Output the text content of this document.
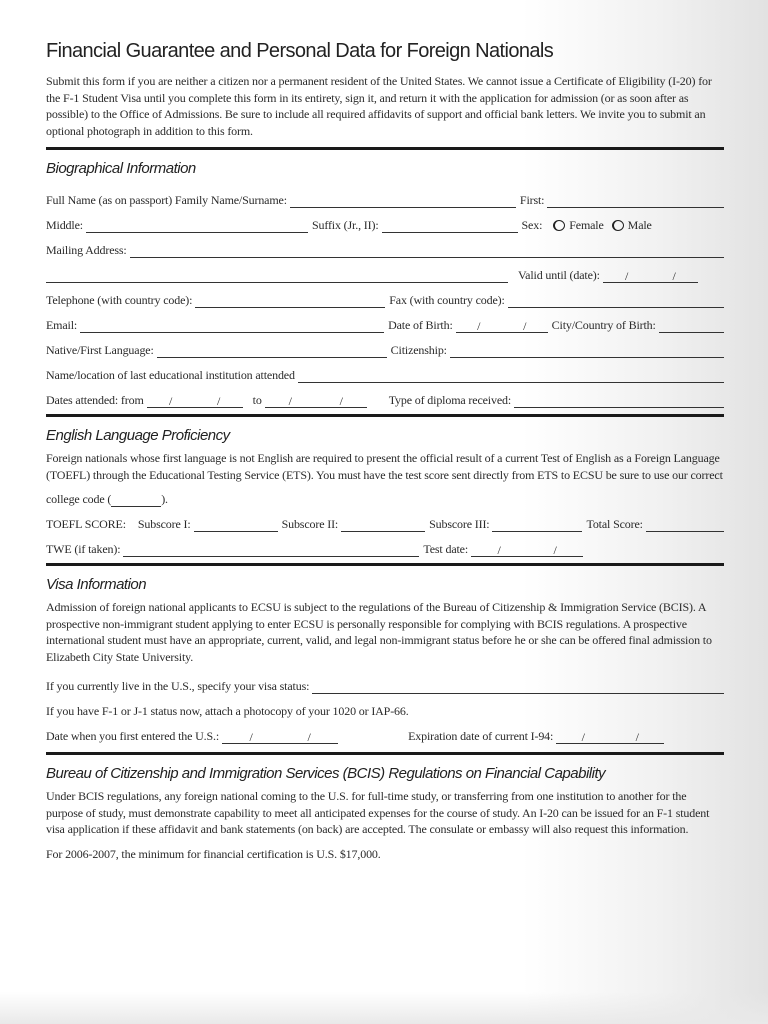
Financial Guarantee and Personal Data for Foreign Nationals

Submit this form if you are neither a citizen nor a permanent resident of the United States. We cannot issue a Certificate of Eligibility (I-20) for the F-1 Student Visa until you complete this form in its entirety, sign it, and return it with the application for admission (or as soon after as possible) to the Office of Admissions. Be sure to include all required affidavits of support and official bank letters. We invite you to submit an optional photograph in addition to this form.

Biographical Information
Full Name (as on passport) Family Name/Surname:	First:
Middle:	Suffix (Jr., II):	Sex: Female Male
Mailing Address:
Valid until (date): /	/
Telephone (with country code):	Fax (with country code):
Email:	Date of Birth: /	/ City/Country of Birth:
Native/First Language:	Citizenship:
Name/location of last educational institution attended
Dates attended: from /	/	to /	/	Type of diploma received:
English Language Proficiency

Foreign nationals whose first language is not English are required to present the official result of a current Test of English as a Foreign Language (TOEFL) through the Educational Testing Service (ETS). You must have the test score sent directly from ETS to ECSU be sure to use our correct

college code (	).
TOEFL SCORE: Subscore I:	Subscore II:	Subscore III:	Total Score:
TWE (if taken):	Test date: /	/
Visa Information

Admission of foreign national applicants to ECSU is subject to the regulations of the Bureau of Citizenship & Immigration Service (BCIS). A prospective non-immigrant student applying to enter ECSU is personally responsible for complying with BCIS regulations. A prospective international student must have an appropriate, current, valid, and legal non-immigrant status before he or she can be offered final admission to Elizabeth City State University.

If you currently live in the U.S., specify your visa status:
If you have F-1 or J-1 status now, attach a photocopy of your 1020 or IAP-66.
Date when you first entered the U.S.:	/	/	Expiration date of current I-94: /	/
Bureau of Citizenship and Immigration Services (BCIS) Regulations on Financial Capability

Under BCIS regulations, any foreign national coming to the U.S. for full-time study, or transferring from one institution to another for the purpose of study, must demonstrate capability to meet all anticipated expenses for the course of study. An I-20 can be issued for an F-1 student visa application if these affidavit and bank statements (on back) are accepted. The consulate or embassy will also request this information.

For 2006-2007, the minimum for financial certification is U.S. $17,000.
